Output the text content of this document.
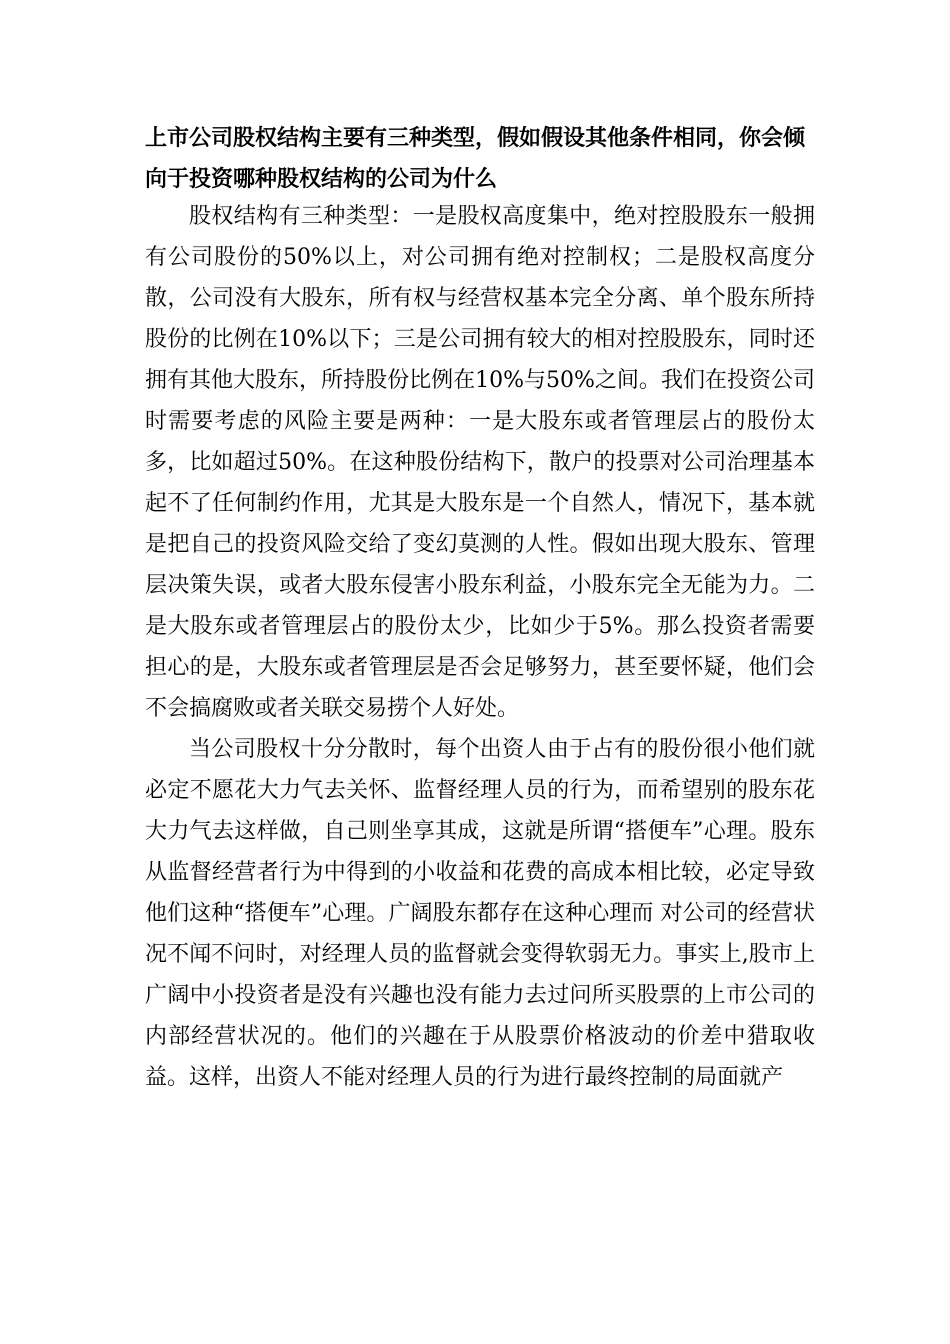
上市公司股权结构主要有三种类型，假如假设其他条件相同，你会倾向于投资哪种股权结构的公司为什么

股权结构有三种类型：一是股权高度集中，绝对控股股东一般拥有公司股份的50%以上，对公司拥有绝对控制权；二是股权高度分散，公司没有大股东，所有权与经营权基本完全分离、单个股东所持股份的比例在10%以下；三是公司拥有较大的相对控股股东，同时还拥有其他大股东，所持股份比例在10%与50%之间。我们在投资公司时需要考虑的风险主要是两种：一是大股东或者管理层占的股份太多，比如超过50%。在这种股份结构下，散户的投票对公司治理基本起不了任何制约作用，尤其是大股东是一个自然人，情况下，基本就是把自己的投资风险交给了变幻莫测的人性。假如出现大股东、管理层决策失误，或者大股东侵害小股东利益，小股东完全无能为力。二是大股东或者管理层占的股份太少，比如少于5%。那么投资者需要担心的是，大股东或者管理层是否会足够努力，甚至要怀疑，他们会不会搞腐败或者关联交易捞个人好处。

当公司股权十分分散时，每个出资人由于占有的股份很小他们就必定不愿花大力气去关怀、监督经理人员的行为，而希望别的股东花大力气去这样做，自己则坐享其成，这就是所谓“搭便车”心理。股东从监督经营者行为中得到的小收益和花费的高成本相比较，必定导致他们这种“搭便车”心理。广阔股东都存在这种心理而 对公司的经营状况不闻不问时，对经理人员的监督就会变得软弱无力。事实上,股市上广阔中小投资者是没有兴趣也没有能力去过问所买股票的上市公司的内部经营状况的。他们的兴趣在于从股票价格波动的价差中猎取收益。这样，出资人不能对经理人员的行为进行最终控制的局面就产
